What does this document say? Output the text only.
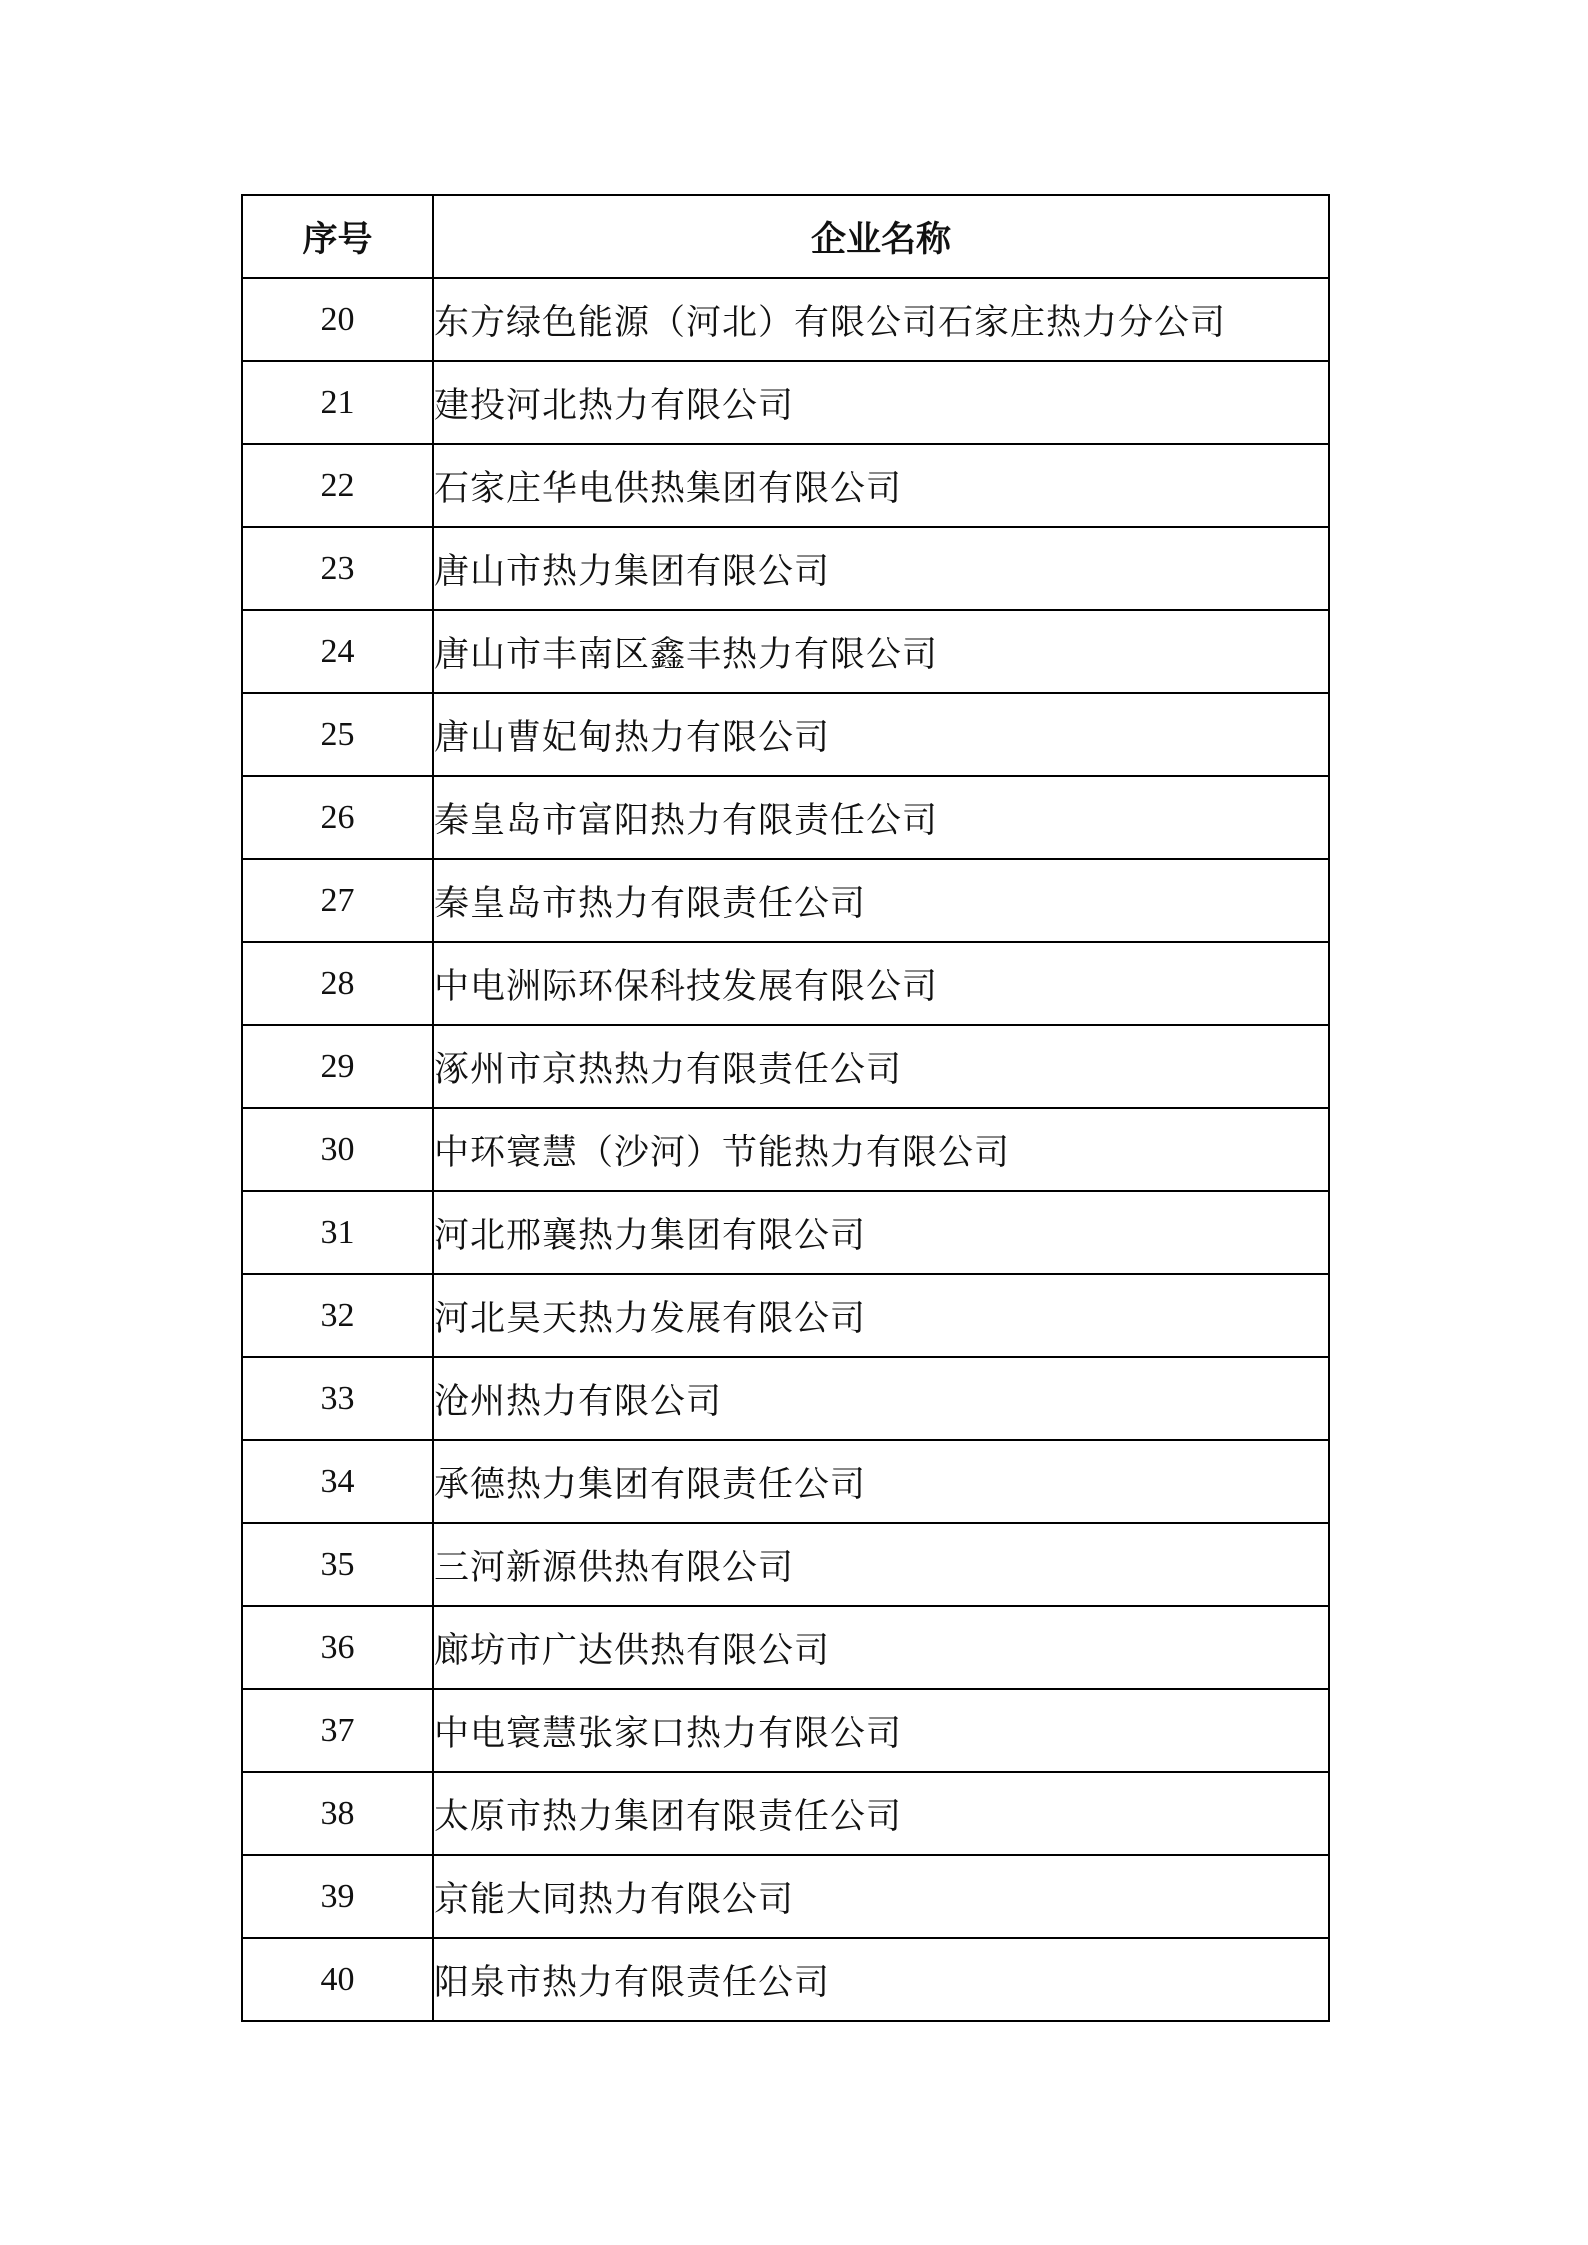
序号	企业名称
20	东方绿色能源（河北）有限公司石家庄热力分公司
21	建投河北热力有限公司
22	石家庄华电供热集团有限公司
23	唐山市热力集团有限公司
24	唐山市丰南区鑫丰热力有限公司
25	唐山曹妃甸热力有限公司
26	秦皇岛市富阳热力有限责任公司
27	秦皇岛市热力有限责任公司
28	中电洲际环保科技发展有限公司
29	涿州市京热热力有限责任公司
30	中环寰慧（沙河）节能热力有限公司
31	河北邢襄热力集团有限公司
32	河北昊天热力发展有限公司
33	沧州热力有限公司
34	承德热力集团有限责任公司
35	三河新源供热有限公司
36	廊坊市广达供热有限公司
37	中电寰慧张家口热力有限公司
38	太原市热力集团有限责任公司
39	京能大同热力有限公司
40	阳泉市热力有限责任公司
